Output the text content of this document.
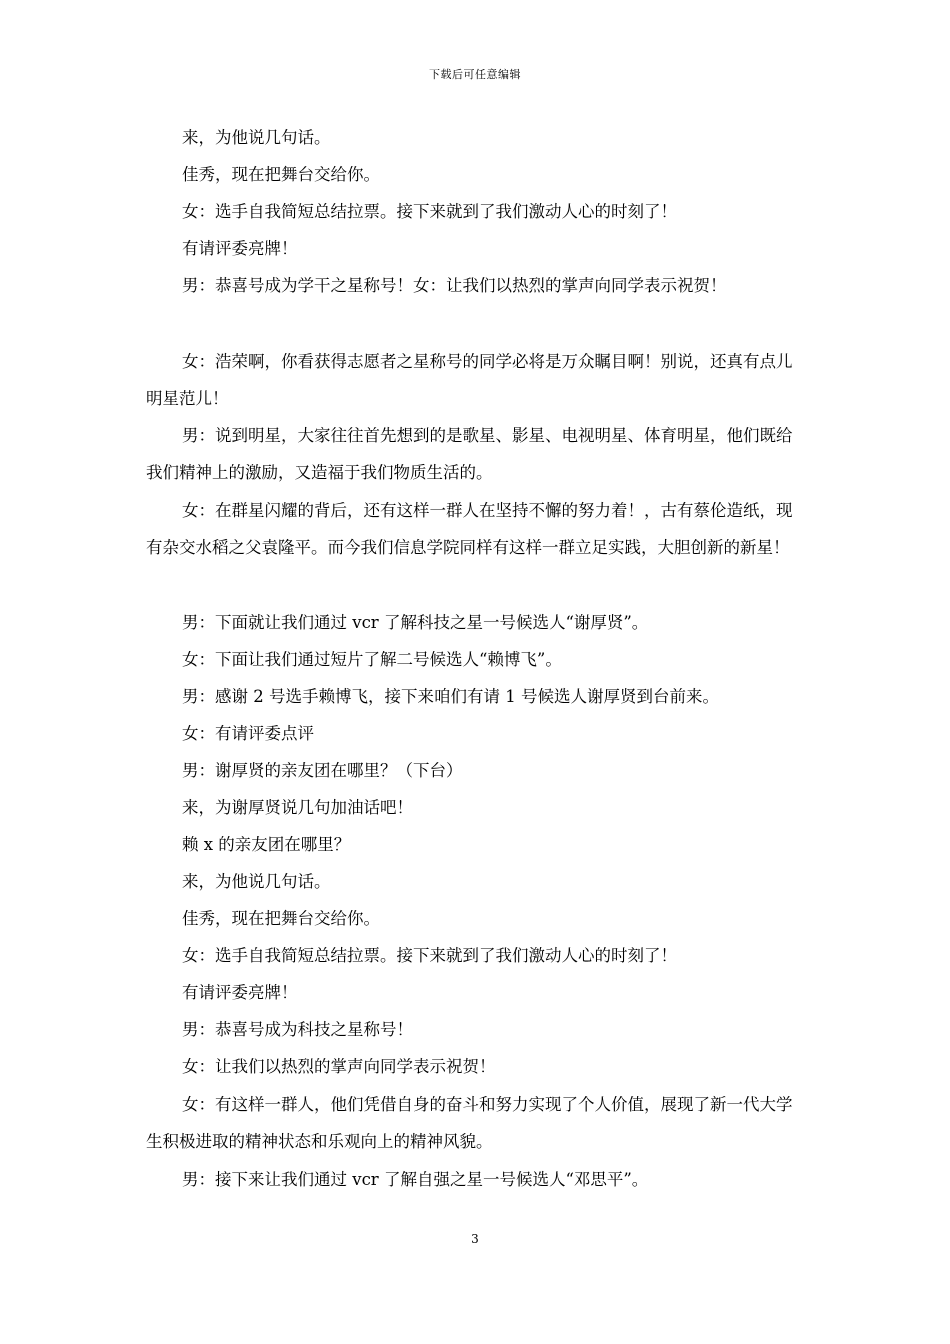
下载后可任意编辑
来，为他说几句话。
佳秀，现在把舞台交给你。
女：选手自我简短总结拉票。接下来就到了我们激动人心的时刻了！
有请评委亮牌！
男：恭喜号成为学干之星称号！女：让我们以热烈的掌声向同学表示祝贺！
女：浩荣啊，你看获得志愿者之星称号的同学必将是万众瞩目啊！别说，还真有点儿明星范儿！
男：说到明星，大家往往首先想到的是歌星、影星、电视明星、体育明星，他们既给我们精神上的激励，又造福于我们物质生活的。
女：在群星闪耀的背后，还有这样一群人在坚持不懈的努力着！，古有蔡伦造纸，现有杂交水稻之父袁隆平。而今我们信息学院同样有这样一群立足实践，大胆创新的新星！
男：下面就让我们通过 vcr 了解科技之星一号候选人“谢厚贤”。
女：下面让我们通过短片了解二号候选人“赖博飞”。
男：感谢 2 号选手赖博飞，接下来咱们有请 1 号候选人谢厚贤到台前来。
女：有请评委点评
男：谢厚贤的亲友团在哪里？（下台）
来，为谢厚贤说几句加油话吧！
赖 x 的亲友团在哪里？
来，为他说几句话。
佳秀，现在把舞台交给你。
女：选手自我简短总结拉票。接下来就到了我们激动人心的时刻了！
有请评委亮牌！
男：恭喜号成为科技之星称号！
女：让我们以热烈的掌声向同学表示祝贺！
女：有这样一群人，他们凭借自身的奋斗和努力实现了个人价值，展现了新一代大学生积极进取的精神状态和乐观向上的精神风貌。
男：接下来让我们通过 vcr 了解自强之星一号候选人“邓思平”。
3
